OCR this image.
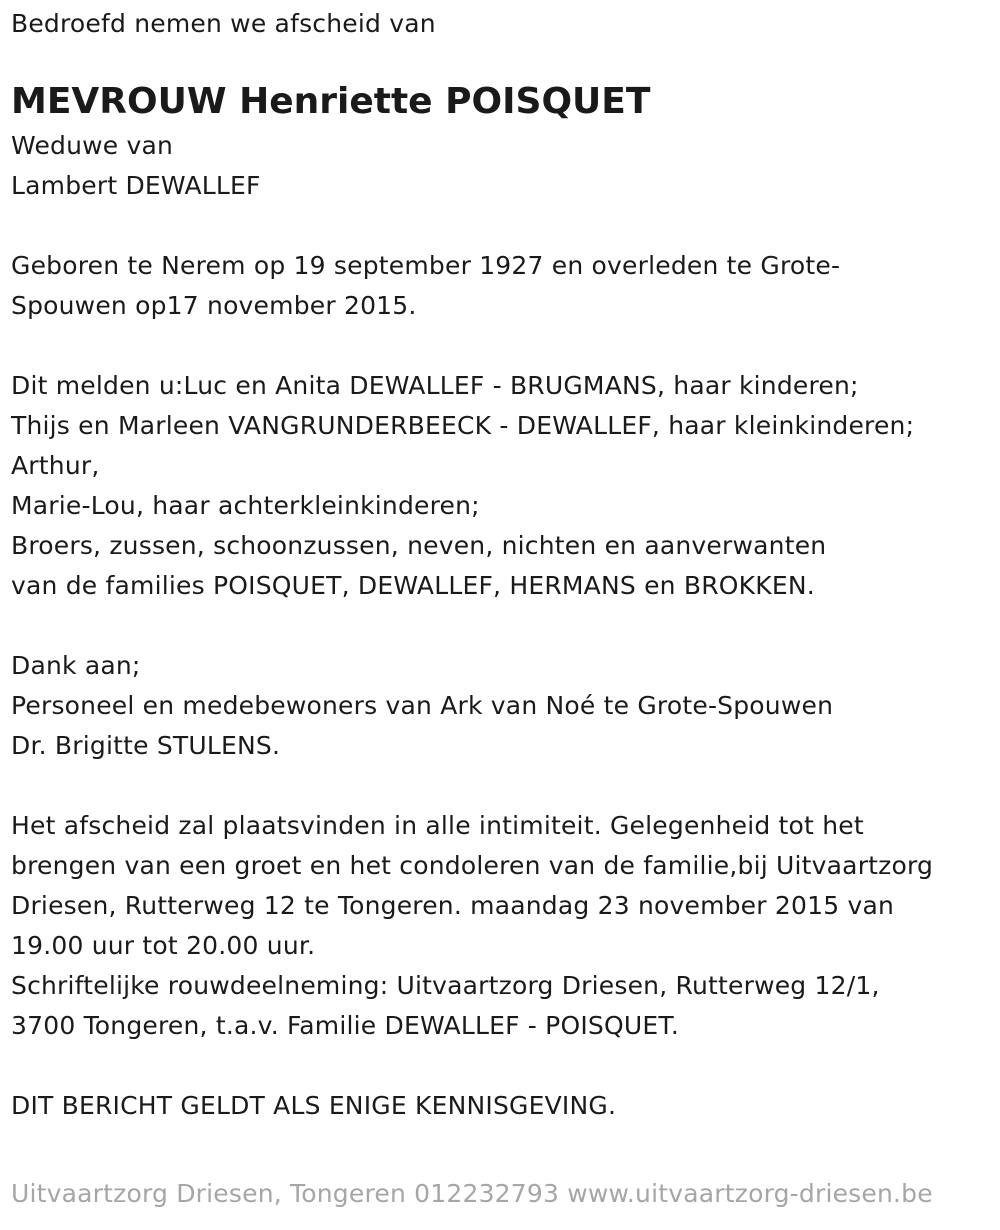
Bedroefd nemen we afscheid van
MEVROUW Henriette POISQUET
Weduwe van
Lambert DEWALLEF
Geboren te Nerem op 19 september 1927 en overleden te Grote-
Spouwen op17 november 2015.
Dit melden u:Luc en Anita DEWALLEF - BRUGMANS, haar kinderen;
Thijs en Marleen VANGRUNDERBEECK - DEWALLEF, haar kleinkinderen;
Arthur,
Marie-Lou, haar achterkleinkinderen;
Broers, zussen, schoonzussen, neven, nichten en aanverwanten
van de families POISQUET, DEWALLEF, HERMANS en BROKKEN.
Dank aan;
Personeel en medebewoners van Ark van Noé te Grote-Spouwen
Dr. Brigitte STULENS.
Het afscheid zal plaatsvinden in alle intimiteit. Gelegenheid tot het
brengen van een groet en het condoleren van de familie,bij Uitvaartzorg
Driesen, Rutterweg 12 te Tongeren. maandag 23 november 2015 van
19.00 uur tot 20.00 uur.
Schriftelijke rouwdeelneming: Uitvaartzorg Driesen, Rutterweg 12/1,
3700 Tongeren, t.a.v. Familie DEWALLEF - POISQUET.
DIT BERICHT GELDT ALS ENIGE KENNISGEVING.
Uitvaartzorg Driesen, Tongeren 012232793 www.uitvaartzorg-driesen.be
